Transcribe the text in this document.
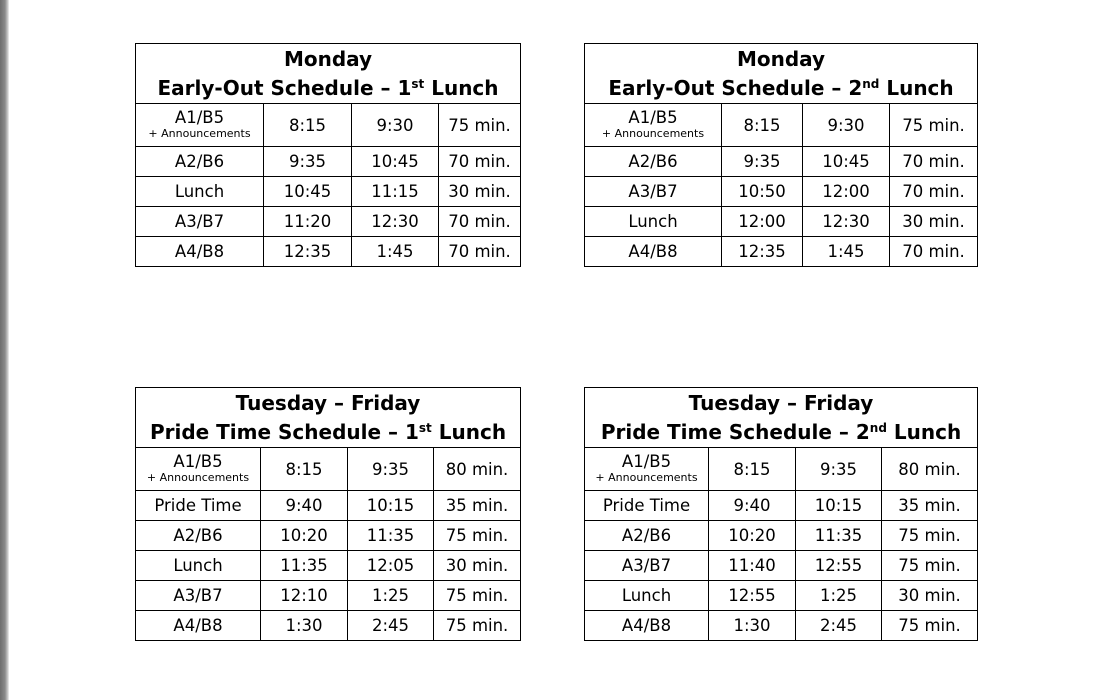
Monday
Early-Out Schedule – 1st Lunch			
A1/B5
+ Announcements	8:15	9:30	75 min.
A2/B6	9:35	10:45	70 min.
Lunch	10:45	11:15	30 min.
A3/B7	11:20	12:30	70 min.
A4/B8	12:35	1:45	70 min.
Monday
Early-Out Schedule – 2nd Lunch			
A1/B5
+ Announcements	8:15	9:30	75 min.
A2/B6	9:35	10:45	70 min.
A3/B7	10:50	12:00	70 min.
Lunch	12:00	12:30	30 min.
A4/B8	12:35	1:45	70 min.
Tuesday – Friday
Pride Time Schedule – 1st Lunch			
A1/B5
+ Announcements	8:15	9:35	80 min.
Pride Time	9:40	10:15	35 min.
A2/B6	10:20	11:35	75 min.
Lunch	11:35	12:05	30 min.
A3/B7	12:10	1:25	75 min.
A4/B8	1:30	2:45	75 min.
Tuesday – Friday
Pride Time Schedule – 2nd Lunch			
A1/B5
+ Announcements	8:15	9:35	80 min.
Pride Time	9:40	10:15	35 min.
A2/B6	10:20	11:35	75 min.
A3/B7	11:40	12:55	75 min.
Lunch	12:55	1:25	30 min.
A4/B8	1:30	2:45	75 min.
